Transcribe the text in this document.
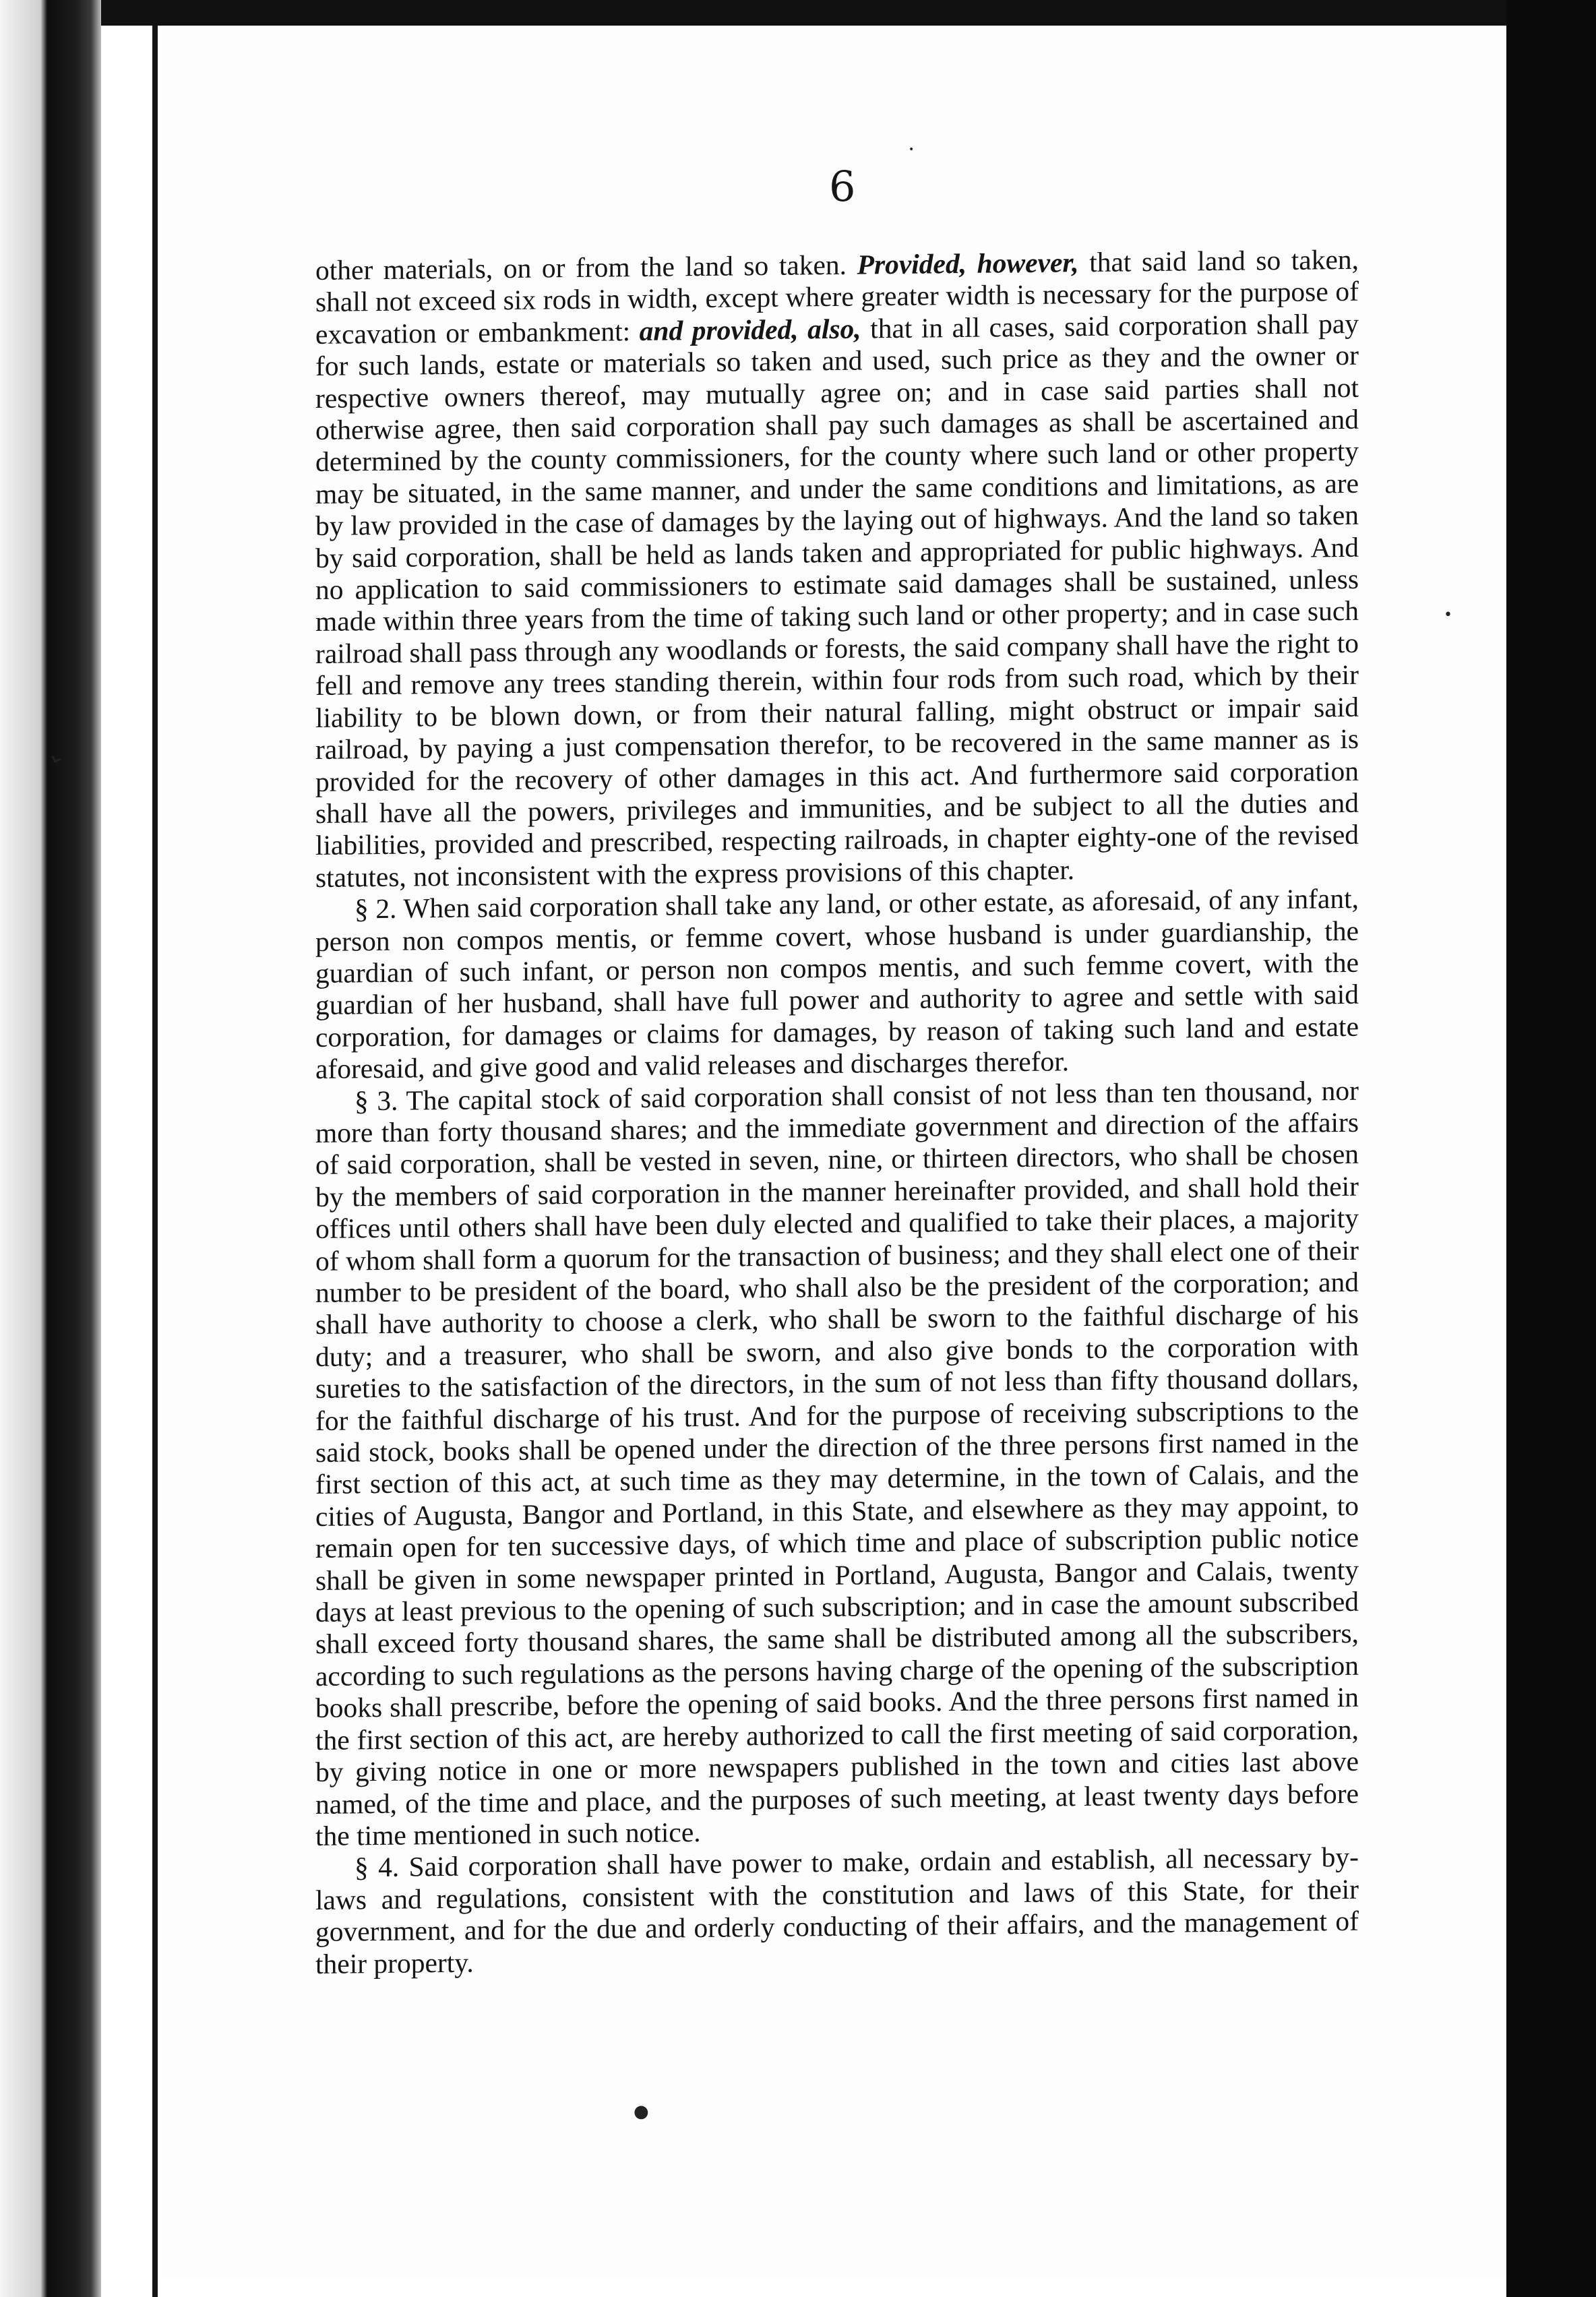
6

other materials, on or from the land so taken. Provided, however, that said land so taken, shall not exceed six rods in width, except where greater width is necessary for the purpose of excavation or embankment: and provided, also, that in all cases, said corporation shall pay for such lands, estate or materials so taken and used, such price as they and the owner or respective owners thereof, may mutually agree on; and in case said parties shall not otherwise agree, then said corporation shall pay such damages as shall be ascertained and determined by the county commissioners, for the county where such land or other property may be situated, in the same manner, and under the same conditions and limitations, as are by law provided in the case of damages by the laying out of highways. And the land so taken by said corporation, shall be held as lands taken and appropriated for public highways. And no application to said commissioners to estimate said damages shall be sustained, unless made within three years from the time of taking such land or other property; and in case such railroad shall pass through any woodlands or forests, the said company shall have the right to fell and remove any trees standing therein, within four rods from such road, which by their liability to be blown down, or from their natural falling, might obstruct or impair said railroad, by paying a just compensation therefor, to be recovered in the same manner as is provided for the recovery of other damages in this act. And furthermore said corporation shall have all the powers, privileges and immunities, and be subject to all the duties and liabilities, provided and prescribed, respecting railroads, in chapter eighty-one of the revised statutes, not inconsistent with the express provisions of this chapter.

§ 2. When said corporation shall take any land, or other estate, as aforesaid, of any infant, person non compos mentis, or femme covert, whose husband is under guardianship, the guardian of such infant, or person non compos mentis, and such femme covert, with the guardian of her husband, shall have full power and authority to agree and settle with said corporation, for damages or claims for damages, by reason of taking such land and estate aforesaid, and give good and valid releases and discharges therefor.

§ 3. The capital stock of said corporation shall consist of not less than ten thousand, nor more than forty thousand shares; and the immediate government and direction of the affairs of said corporation, shall be vested in seven, nine, or thirteen directors, who shall be chosen by the members of said corporation in the manner hereinafter provided, and shall hold their offices until others shall have been duly elected and qualified to take their places, a majority of whom shall form a quorum for the transaction of business; and they shall elect one of their number to be president of the board, who shall also be the president of the corporation; and shall have authority to choose a clerk, who shall be sworn to the faithful discharge of his duty; and a treasurer, who shall be sworn, and also give bonds to the corporation with sureties to the satisfaction of the directors, in the sum of not less than fifty thousand dollars, for the faithful discharge of his trust. And for the purpose of receiving subscriptions to the said stock, books shall be opened under the direction of the three persons first named in the first section of this act, at such time as they may determine, in the town of Calais, and the cities of Augusta, Bangor and Portland, in this State, and elsewhere as they may appoint, to remain open for ten successive days, of which time and place of subscription public notice shall be given in some newspaper printed in Portland, Augusta, Bangor and Calais, twenty days at least previous to the opening of such subscription; and in case the amount subscribed shall exceed forty thousand shares, the same shall be distributed among all the subscribers, according to such regulations as the persons having charge of the opening of the subscription books shall prescribe, before the opening of said books. And the three persons first named in the first section of this act, are hereby authorized to call the first meeting of said corporation, by giving notice in one or more newspapers published in the town and cities last above named, of the time and place, and the purposes of such meeting, at least twenty days before the time mentioned in such notice.

§ 4. Said corporation shall have power to make, ordain and establish, all necessary by-laws and regulations, consistent with the constitution and laws of this State, for their government, and for the due and orderly conducting of their affairs, and the management of their property.

•
•
⌄
●
